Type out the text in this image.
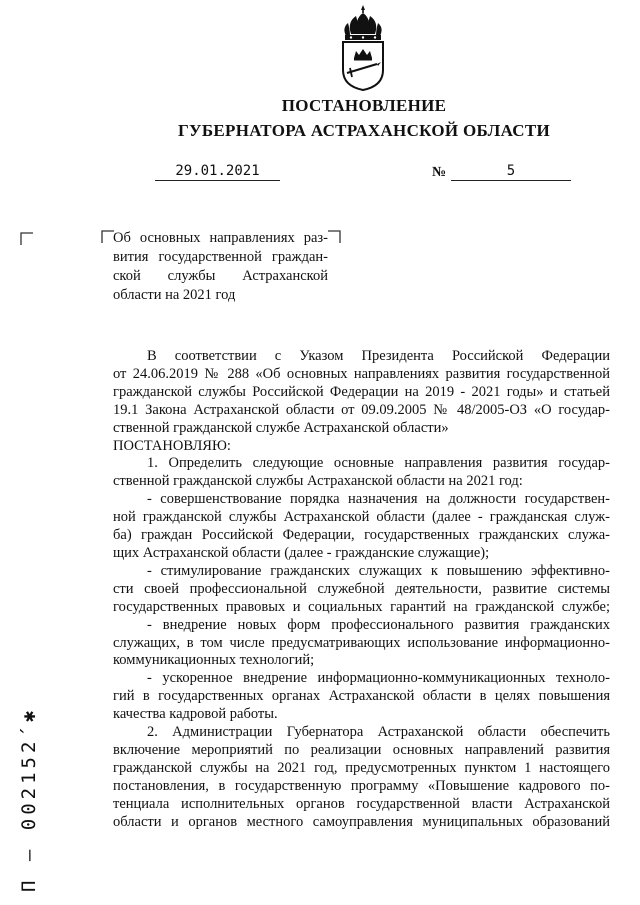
ПОСТАНОВЛЕНИЕ
ГУБЕРНАТОРА АСТРАХАНСКОЙ ОБЛАСТИ
29.01.2021	№	5
Об основных направлениях раз-
вития государственной граждан-
ской службы Астраханской
области на 2021 год
В соответствии с Указом Президента Российской Федерации
от 24.06.2019 № 288 «Об основных направлениях развития государственной
гражданской службы Российской Федерации на 2019 - 2021 годы» и статьей
19.1 Закона Астраханской области от 09.09.2005 № 48/2005-ОЗ «О государ-
ственной гражданской службе Астраханской области»
ПОСТАНОВЛЯЮ:
1. Определить следующие основные направления развития государ-
ственной гражданской службы Астраханской области на 2021 год:
- совершенствование порядка назначения на должности государствен-
ной гражданской службы Астраханской области (далее - гражданская служ-
ба) граждан Российской Федерации, государственных гражданских служа-
щих Астраханской области (далее - гражданские служащие);
- стимулирование гражданских служащих к повышению эффективно-
сти своей профессиональной служебной деятельности, развитие системы
государственных правовых и социальных гарантий на гражданской службе;
- внедрение новых форм профессионального развития гражданских
служащих, в том числе предусматривающих использование информационно-
коммуникационных технологий;
- ускоренное внедрение информационно-коммуникационных техноло-
гий в государственных органах Астраханской области в целях повышения
качества кадровой работы.
2. Администрации Губернатора Астраханской области обеспечить
включение мероприятий по реализации основных направлений развития
гражданской службы на 2021 год, предусмотренных пунктом 1 настоящего
постановления, в государственную программу «Повышение кадрового по-
тенциала исполнительных органов государственной власти Астраханской
области и органов местного самоуправления муниципальных образований
П – 002152´✱
